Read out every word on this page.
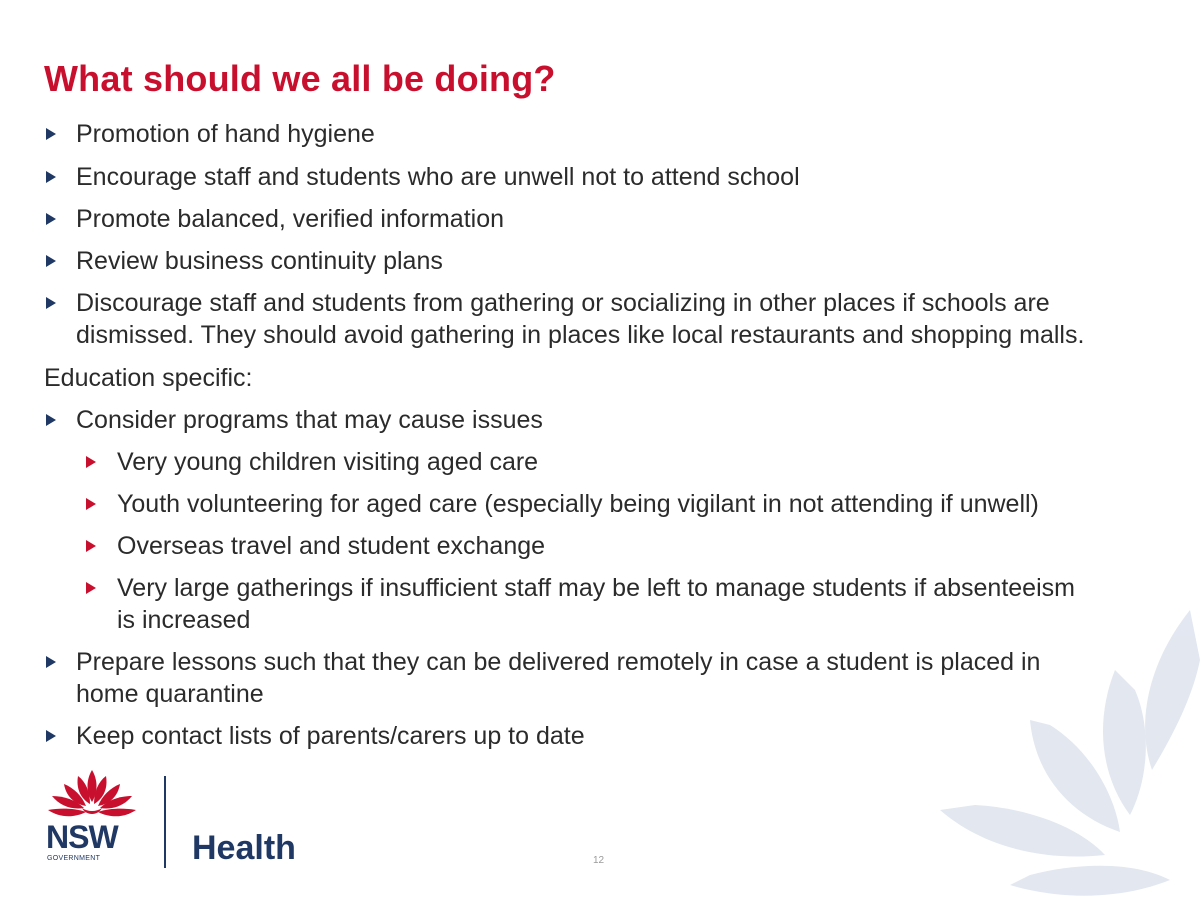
What should we all be doing?
Promotion of hand hygiene
Encourage staff and students who are unwell not to attend school
Promote balanced, verified information
Review business continuity plans
Discourage staff and students from gathering or socializing in other places if schools are
dismissed. They should avoid gathering in places like local restaurants and shopping malls.
Education specific:
Consider programs that may cause issues
Very young children visiting aged care
Youth volunteering for aged care (especially being vigilant in not attending if unwell)
Overseas travel and student exchange
Very large gatherings if insufficient staff may be left to manage students if absenteeism
is increased
Prepare lessons such that they can be delivered remotely in case a student is placed in
home quarantine
Keep contact lists of parents/carers up to date
NSW
GOVERNMENT	Health	12
